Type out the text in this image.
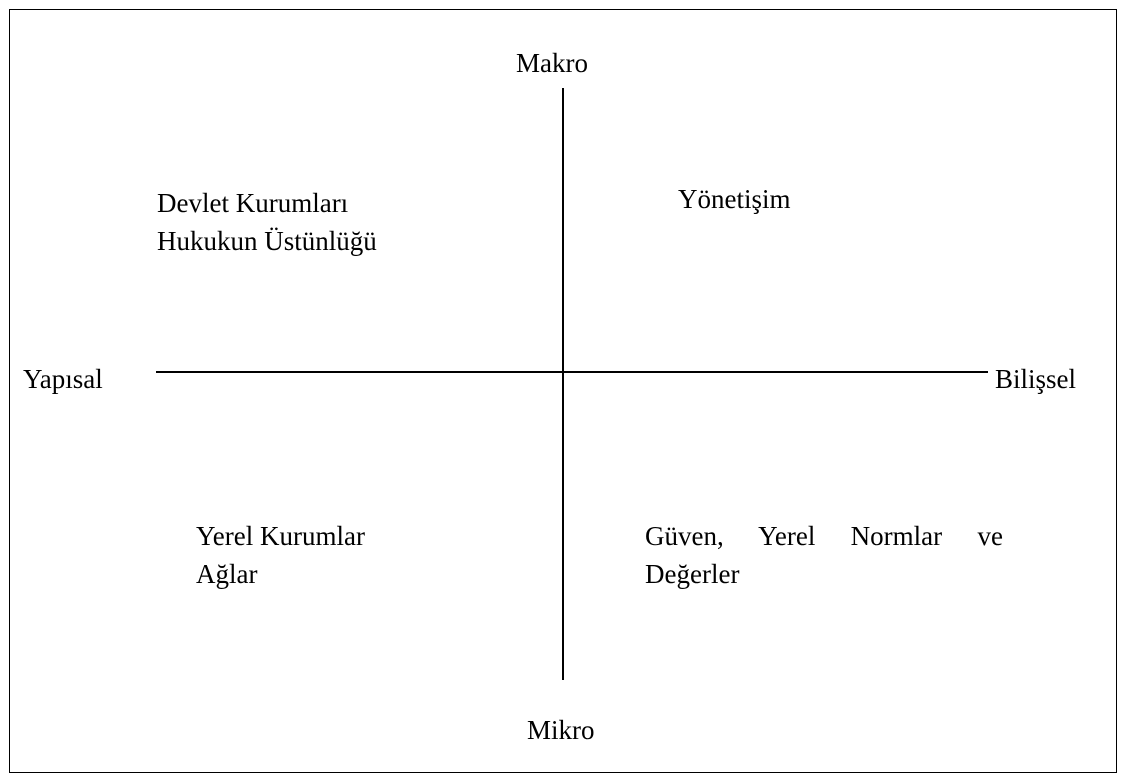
Makro
Mikro
Yapısal	Bilişsel
Devlet Kurumları
Hukukun Üstünlüğü
Yönetişim
Yerel Kurumlar
Ağlar
Güven, Yerel Normlar ve
Değerler
